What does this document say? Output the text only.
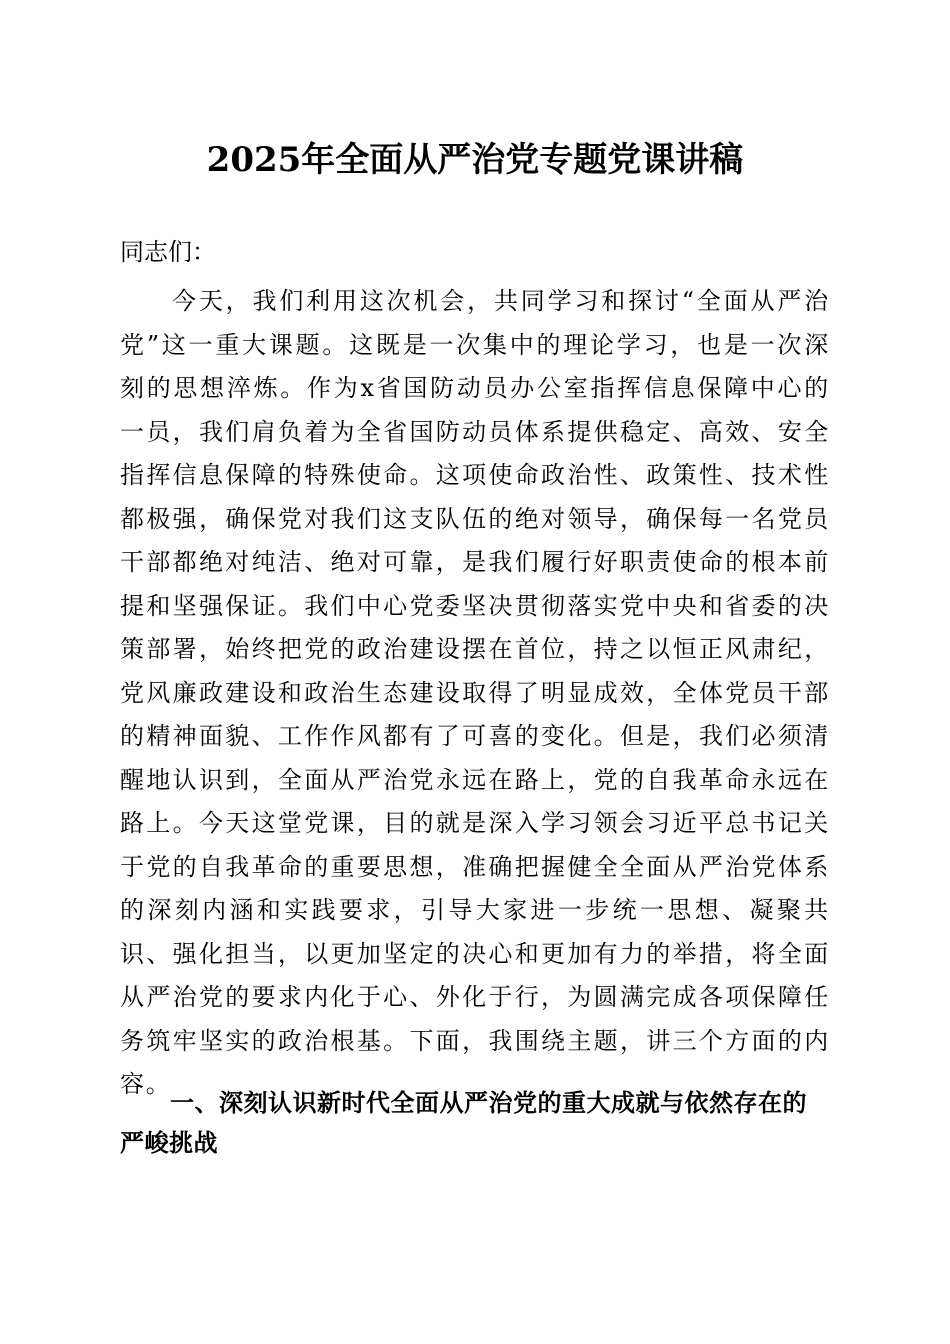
2025年全面从严治党专题党课讲稿

同志们：

今天，我们利用这次机会，共同学习和探讨“全面从严治党”这一重大课题。这既是一次集中的理论学习，也是一次深刻的思想淬炼。作为x省国防动员办公室指挥信息保障中心的一员，我们肩负着为全省国防动员体系提供稳定、高效、安全指挥信息保障的特殊使命。这项使命政治性、政策性、技术性都极强，确保党对我们这支队伍的绝对领导，确保每一名党员干部都绝对纯洁、绝对可靠，是我们履行好职责使命的根本前提和坚强保证。我们中心党委坚决贯彻落实党中央和省委的决策部署，始终把党的政治建设摆在首位，持之以恒正风肃纪，党风廉政建设和政治生态建设取得了明显成效，全体党员干部的精神面貌、工作作风都有了可喜的变化。但是，我们必须清醒地认识到，全面从严治党永远在路上，党的自我革命永远在路上。今天这堂党课，目的就是深入学习领会习近平总书记关于党的自我革命的重要思想，准确把握健全全面从严治党体系的深刻内涵和实践要求，引导大家进一步统一思想、凝聚共识、强化担当，以更加坚定的决心和更加有力的举措，将全面从严治党的要求内化于心、外化于行，为圆满完成各项保障任务筑牢坚实的政治根基。下面，我围绕主题，讲三个方面的内容。

一、深刻认识新时代全面从严治党的重大成就与依然存在的严峻挑战
